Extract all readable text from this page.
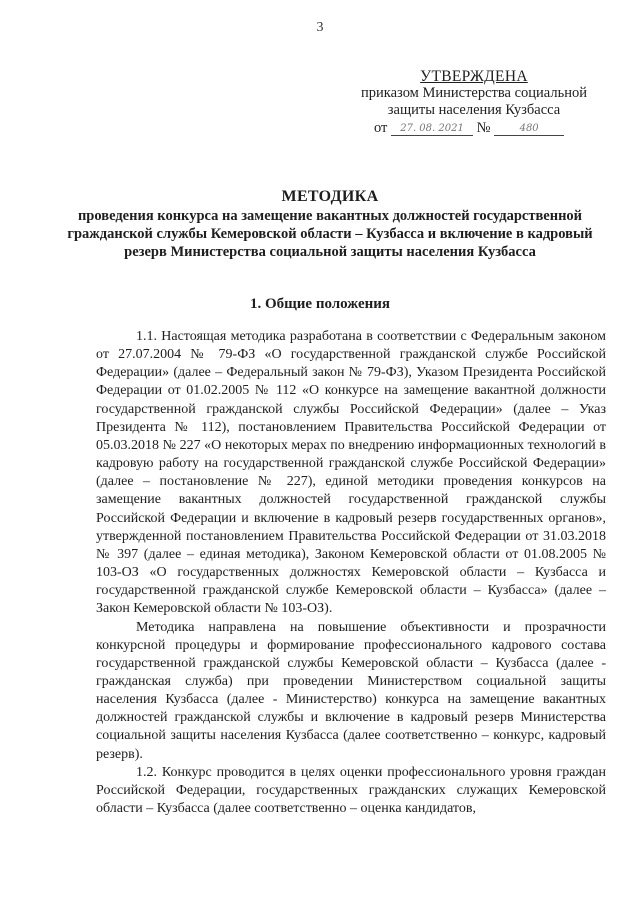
3
УТВЕРЖДЕНА
приказом Министерства социальной
защиты населения Кузбасса
от 27. 08. 2021 №	480
МЕТОДИКА
проведения конкурса на замещение вакантных должностей государственной гражданской службы Кемеровской области – Кузбасса и включение в кадровый резерв Министерства социальной защиты населения Кузбасса
1. Общие положения

1.1. Настоящая методика разработана в соответствии с Федеральным законом от 27.07.2004 № 79-ФЗ «О государственной гражданской службе Российской Федерации» (далее – Федеральный закон № 79-ФЗ), Указом Президента Российской Федерации от 01.02.2005 № 112 «О конкурсе на замещение вакантной должности государственной гражданской службы Российской Федерации» (далее – Указ Президента № 112), постановлением Правительства Российской Федерации от 05.03.2018 № 227 «О некоторых мерах по внедрению информационных технологий в кадровую работу на государственной гражданской службе Российской Федерации» (далее – постановление № 227), единой методики проведения конкурсов на замещение вакантных должностей государственной гражданской службы Российской Федерации и включение в кадровый резерв государственных органов», утвержденной постановлением Правительства Российской Федерации от 31.03.2018 № 397 (далее – единая методика), Законом Кемеровской области от 01.08.2005 № 103-ОЗ «О государственных должностях Кемеровской области – Кузбасса и государственной гражданской службе Кемеровской области – Кузбасса» (далее – Закон Кемеровской области № 103-ОЗ).

Методика направлена на повышение объективности и прозрачности конкурсной процедуры и формирование профессионального кадрового состава государственной гражданской службы Кемеровской области – Кузбасса (далее - гражданская служба) при проведении Министерством социальной защиты населения Кузбасса (далее - Министерство) конкурса на замещение вакантных должностей гражданской службы и включение в кадровый резерв Министерства социальной защиты населения Кузбасса (далее соответственно – конкурс, кадровый резерв).

1.2. Конкурс проводится в целях оценки профессионального уровня граждан Российской Федерации, государственных гражданских служащих Кемеровской области – Кузбасса (далее соответственно – оценка кандидатов,
